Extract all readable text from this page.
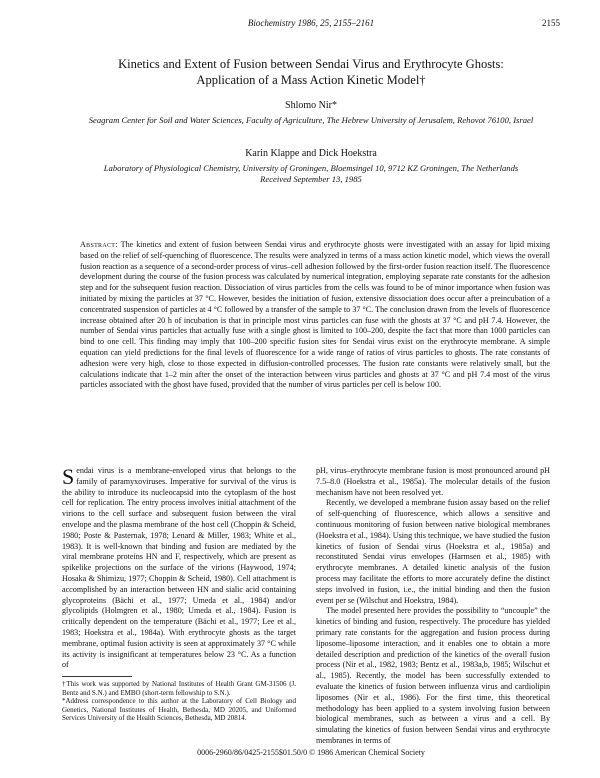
Biochemistry 1986, 25, 2155–2161	2155
Kinetics and Extent of Fusion between Sendai Virus and Erythrocyte Ghosts:
Application of a Mass Action Kinetic Model†
Shlomo Nir*
Seagram Center for Soil and Water Sciences, Faculty of Agriculture, The Hebrew University of Jerusalem, Rehovot 76100, Israel
Karin Klappe and Dick Hoekstra
Laboratory of Physiological Chemistry, University of Groningen, Bloemsingel 10, 9712 KZ Groningen, The Netherlands
Received September 13, 1985

Abstract: The kinetics and extent of fusion between Sendai virus and erythrocyte ghosts were investigated with an assay for lipid mixing based on the relief of self-quenching of fluorescence. The results were analyzed in terms of a mass action kinetic model, which views the overall fusion reaction as a sequence of a second-order process of virus–cell adhesion followed by the first-order fusion reaction itself. The fluorescence development during the course of the fusion process was calculated by numerical integration, employing separate rate constants for the adhesion step and for the subsequent fusion reaction. Dissociation of virus particles from the cells was found to be of minor importance when fusion was initiated by mixing the particles at 37 °C. However, besides the initiation of fusion, extensive dissociation does occur after a preincubation of a concentrated suspension of particles at 4 °C followed by a transfer of the sample to 37 °C. The conclusion drawn from the levels of fluorescence increase obtained after 20 h of incubation is that in principle most virus particles can fuse with the ghosts at 37 °C and pH 7.4. However, the number of Sendai virus particles that actually fuse with a single ghost is limited to 100–200, despite the fact that more than 1000 particles can bind to one cell. This finding may imply that 100–200 specific fusion sites for Sendai virus exist on the erythrocyte membrane. A simple equation can yield predictions for the final levels of fluorescence for a wide range of ratios of virus particles to ghosts. The rate constants of adhesion were very high, close to those expected in diffusion-controlled processes. The fusion rate constants were relatively small, but the calculations indicate that 1–2 min after the onset of the interaction between virus particles and ghosts at 37 °C and pH 7.4 most of the virus particles associated with the ghost have fused, provided that the number of virus particles per cell is below 100.

Sendai virus is a membrane-enveloped virus that belongs to the family of paramyxoviruses. Imperative for survival of the virus is the ability to introduce its nucleocapsid into the cytoplasm of the host cell for replication. The entry process involves initial attachment of the virions to the cell surface and subsequent fusion between the viral envelope and the plasma membrane of the host cell (Choppin & Scheid, 1980; Poste & Pasternak, 1978; Lenard & Miller, 1983; White et al., 1983). It is well-known that binding and fusion are mediated by the viral membrane proteins HN and F, respectively, which are present as spikelike projections on the surface of the virions (Haywood, 1974; Hosaka & Shimizu, 1977; Choppin & Scheid, 1980). Cell attachment is accomplished by an interaction between HN and sialic acid containing glycoproteins (Bächi et al., 1977; Umeda et al., 1984) and/or glycolipids (Holmgren et al., 1980; Umeda et al., 1984). Fusion is critically dependent on the temperature (Bächi et al., 1977; Lee et al., 1983; Hoekstra et al., 1984a). With erythrocyte ghosts as the target membrane, optimal fusion activity is seen at approximately 37 °C while its activity is insignificant at temperatures below 23 °C. As a function of

pH, virus–erythrocyte membrane fusion is most pronounced around pH 7.5–8.0 (Hoekstra et al., 1985a). The molecular details of the fusion mechanism have not been resolved yet.

Recently, we developed a membrane fusion assay based on the relief of self-quenching of fluorescence, which allows a sensitive and continuous monitoring of fusion between native biological membranes (Hoekstra et al., 1984). Using this technique, we have studied the fusion kinetics of fusion of Sendai virus (Hoekstra et al., 1985a) and reconstituted Sendai virus envelopes (Harmsen et al., 1985) with erythrocyte membranes. A detailed kinetic analysis of the fusion process may facilitate the efforts to more accurately define the distinct steps involved in fusion, i.e., the initial binding and then the fusion event per se (Wilschut and Hoekstra, 1984).

The model presented here provides the possibility to “uncouple” the kinetics of binding and fusion, respectively. The procedure has yielded primary rate constants for the aggregation and fusion process during liposome–liposome interaction, and it enables one to obtain a more detailed description and prediction of the kinetics of the overall fusion process (Nir et al., 1982, 1983; Bentz et al., 1983a,b, 1985; Wilschut et al., 1985). Recently, the model has been successfully extended to evaluate the kinetics of fusion between influenza virus and cardiolipin liposomes (Nir et al., 1986). For the first time, this theoretical methodology has been applied to a system involving fusion between biological membranes, such as between a virus and a cell. By simulating the kinetics of fusion between Sendai virus and erythrocyte membranes in terms of

†This work was supported by National Institutes of Health Grant GM-31506 (J. Bentz and S.N.) and EMBO (short-term fellowship to S.N.).

*Address correspondence to this author at the Laboratory of Cell Biology and Genetics, National Institutes of Health, Bethesda, MD 20205, and Uniformed Services University of the Health Sciences, Bethesda, MD 20814.

0006-2960/86/0425-2155$01.50/0 © 1986 American Chemical Society
